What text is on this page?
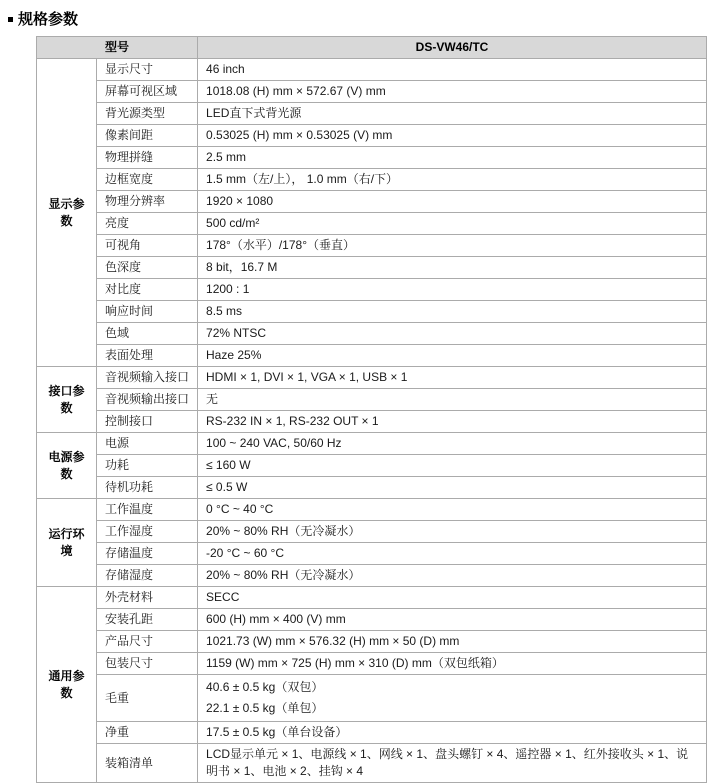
规格参数
型号		DS-VW46/TC
显示参数	显示尺寸	46 inch
	屏幕可视区域	1018.08 (H) mm × 572.67 (V) mm
	背光源类型	LED直下式背光源
	像素间距	0.53025 (H) mm × 0.53025 (V) mm
	物理拼缝	2.5 mm
	边框宽度	1.5 mm（左/上）， 1.0 mm（右/下）
	物理分辨率	1920 × 1080
	亮度	500 cd/m²
	可视角	178°（水平）/178°（垂直）
	色深度	8 bit，16.7 M
	对比度	1200 : 1
	响应时间	8.5 ms
	色域	72% NTSC
	表面处理	Haze 25%
接口参数	音视频输入接口	HDMI × 1, DVI × 1, VGA × 1, USB × 1
	音视频输出接口	无
	控制接口	RS-232 IN × 1, RS-232 OUT × 1
电源参数	电源	100 ~ 240 VAC, 50/60 Hz
	功耗	≤ 160 W
	待机功耗	≤ 0.5 W
运行环境	工作温度	0 °C ~ 40 °C
	工作湿度	20% ~ 80% RH（无冷凝水）
	存储温度	-20 °C ~ 60 °C
	存储湿度	20% ~ 80% RH（无冷凝水）
通用参数	外壳材料	SECC
	安装孔距	600 (H) mm × 400 (V) mm
	产品尺寸	1021.73 (W) mm × 576.32 (H) mm × 50 (D) mm
	包装尺寸	1159 (W) mm × 725 (H) mm × 310 (D) mm（双包纸箱）
	毛重	40.6 ± 0.5 kg（双包）
22.1 ± 0.5 kg（单包）

	净重	17.5 ± 0.5 kg（单台设备）
	装箱清单	LCD显示单元 × 1、电源线 × 1、网线 × 1、盘头螺钉 × 4、遥控器 × 1、红外接收头 × 1、说明书 × 1、电池 × 2、挂钩 × 4
